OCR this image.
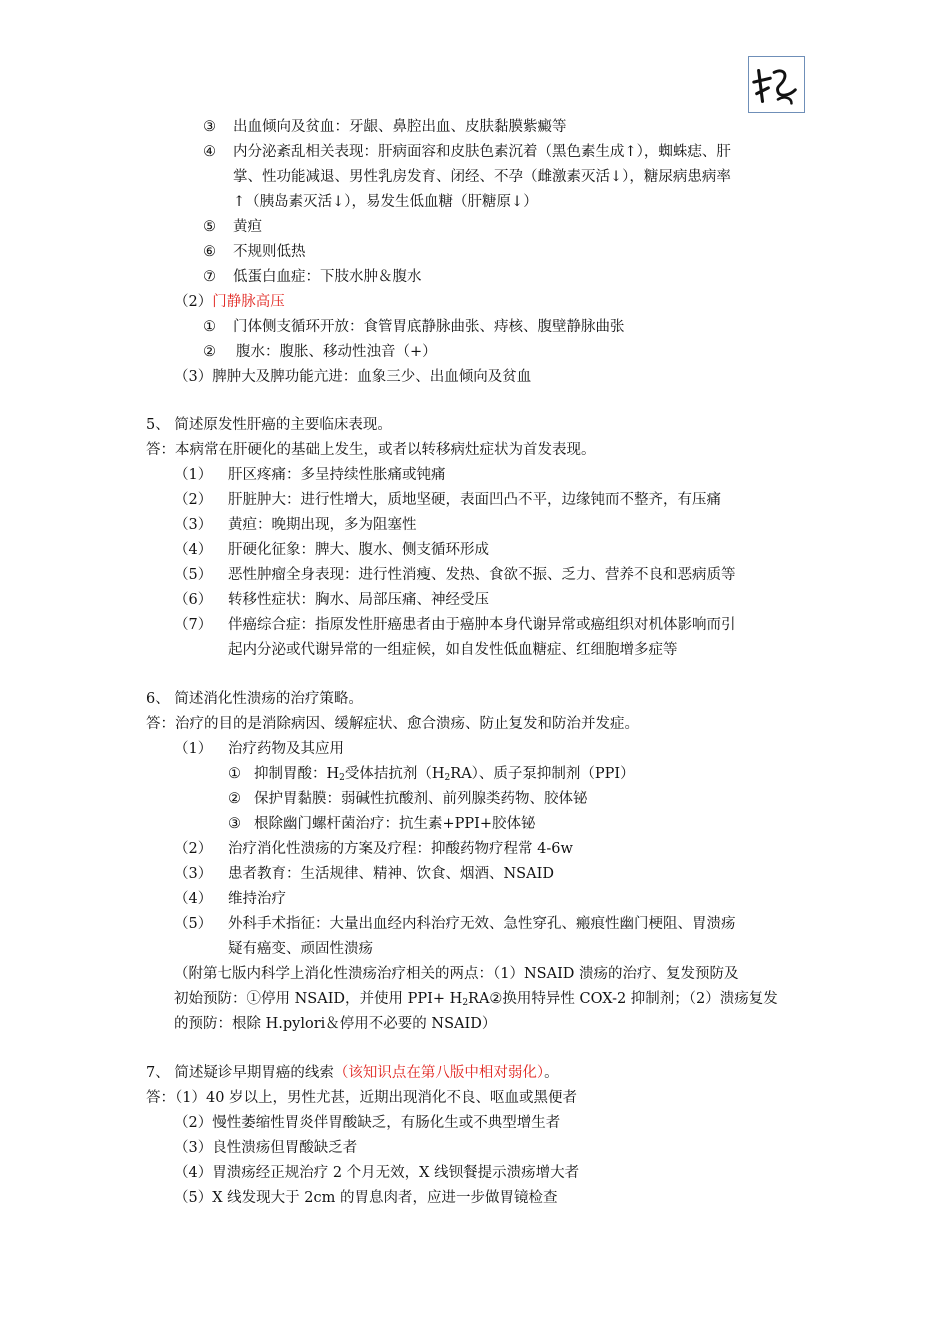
③ 出血倾向及贫血：牙龈、鼻腔出血、皮肤黏膜紫癜等
④ 内分泌紊乱相关表现：肝病面容和皮肤色素沉着（黑色素生成↑），蜘蛛痣、肝
掌、性功能减退、男性乳房发育、闭经、不孕（雌激素灭活↓），糖尿病患病率
↑（胰岛素灭活↓），易发生低血糖（肝糖原↓）
⑤ 黄疸
⑥ 不规则低热
⑦ 低蛋白血症：下肢水肿＆腹水
（2）门静脉高压
① 门体侧支循环开放：食管胃底静脉曲张、痔核、腹壁静脉曲张
② 腹水：腹胀、移动性浊音（+）
（3）脾肿大及脾功能亢进：血象三少、出血倾向及贫血
5、 简述原发性肝癌的主要临床表现。
答：本病常在肝硬化的基础上发生，或者以转移病灶症状为首发表现。
（1） 肝区疼痛：多呈持续性胀痛或钝痛
（2） 肝脏肿大：进行性增大，质地坚硬，表面凹凸不平，边缘钝而不整齐，有压痛
（3） 黄疸：晚期出现，多为阻塞性
（4） 肝硬化征象：脾大、腹水、侧支循环形成
（5） 恶性肿瘤全身表现：进行性消瘦、发热、食欲不振、乏力、营养不良和恶病质等
（6） 转移性症状：胸水、局部压痛、神经受压
（7） 伴癌综合症：指原发性肝癌患者由于癌肿本身代谢异常或癌组织对机体影响而引
起内分泌或代谢异常的一组症候，如自发性低血糖症、红细胞增多症等
6、 简述消化性溃疡的治疗策略。
答：治疗的目的是消除病因、缓解症状、愈合溃疡、防止复发和防治并发症。
（1） 治疗药物及其应用
① 抑制胃酸：$H_2$受体拮抗剂$(H_2RA)$、质子泵抑制剂（PPI）
② 保护胃黏膜：弱碱性抗酸剂、前列腺类药物、胶体铋
③ 根除幽门螺杆菌治疗：抗生素+PPI+胶体铋
（2） 治疗消化性溃疡的方案及疗程：抑酸药物疗程常 4-6w
（3） 患者教育：生活规律、精神、饮食、烟酒、NSAID
（4） 维持治疗
（5） 外科手术指征：大量出血经内科治疗无效、急性穿孔、瘢痕性幽门梗阻、胃溃疡
疑有癌变、顽固性溃疡
（附第七版内科学上消化性溃疡治疗相关的两点：（1）NSAID 溃疡的治疗、复发预防及
初始预防：①停用 NSAID，并使用 $PPI+ H_2RA②$换用特异性 COX-2 抑制剂；（2）溃疡复发
的预防：根除 H.pylori＆停用不必要的 NSAID）
7、 简述疑诊早期胃癌的线索（该知识点在第八版中相对弱化）。
答：（1）40 岁以上，男性尤甚，近期出现消化不良、呕血或黑便者
（2）慢性萎缩性胃炎伴胃酸缺乏，有肠化生或不典型增生者
（3）良性溃疡但胃酸缺乏者
（4）胃溃疡经正规治疗 2 个月无效，X 线钡餐提示溃疡增大者
（5）X 线发现大于 2cm 的胃息肉者，应进一步做胃镜检查
